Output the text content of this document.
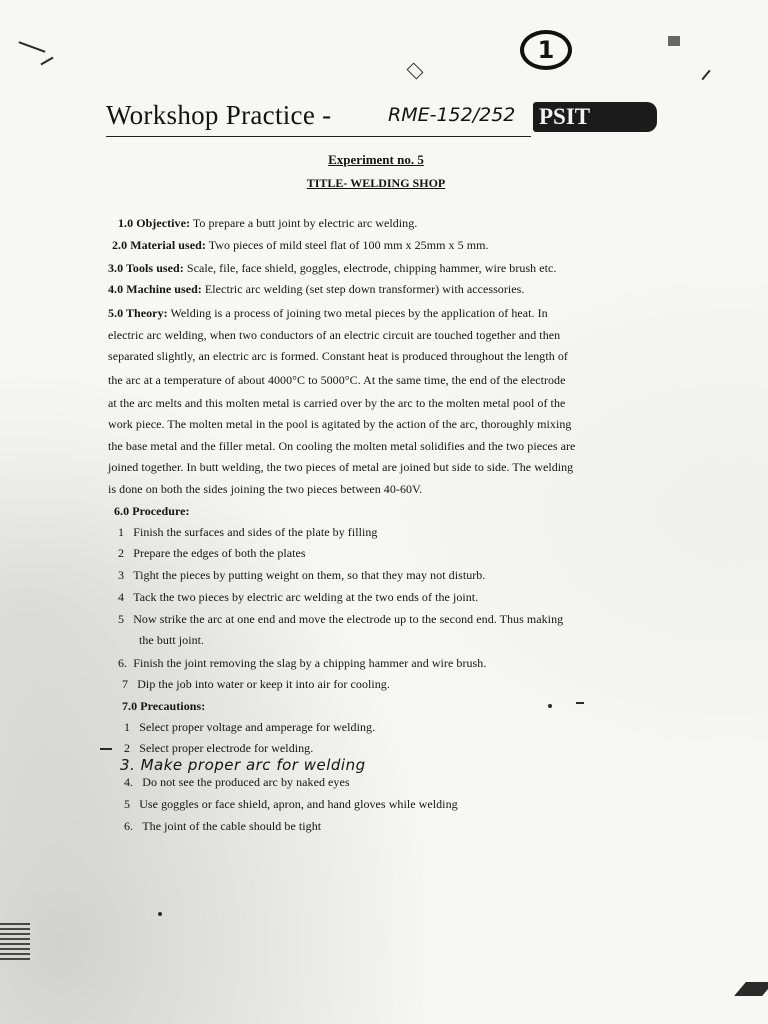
1
Workshop Practice -	RME-152/252 PSIT
Experiment no. 5
TITLE- WELDING SHOP
1.0 Objective: To prepare a butt joint by electric arc welding.
2.0 Material used: Two pieces of mild steel flat of 100 mm x 25mm x 5 mm.
3.0 Tools used: Scale, file, face shield, goggles, electrode, chipping hammer, wire brush etc.
4.0 Machine used: Electric arc welding (set step down transformer) with accessories.
5.0 Theory: Welding is a process of joining two metal pieces by the application of heat. In
electric arc welding, when two conductors of an electric circuit are touched together and then
separated slightly, an electric arc is formed. Constant heat is produced throughout the length of
the arc at a temperature of about 4000°C to 5000°C. At the same time, the end of the electrode
at the arc melts and this molten metal is carried over by the arc to the molten metal pool of the
work piece. The molten metal in the pool is agitated by the action of the arc, thoroughly mixing
the base metal and the filler metal. On cooling the molten metal solidifies and the two pieces are
joined together. In butt welding, the two pieces of metal are joined but side to side. The welding
is done on both the sides joining the two pieces between 40-60V.
6.0 Procedure:
1 Finish the surfaces and sides of the plate by filling
2 Prepare the edges of both the plates
3 Tight the pieces by putting weight on them, so that they may not disturb.
4 Tack the two pieces by electric arc welding at the two ends of the joint.
5 Now strike the arc at one end and move the electrode up to the second end. Thus making
the butt joint.
6. Finish the joint removing the slag by a chipping hammer and wire brush.
7 Dip the job into water or keep it into air for cooling.
7.0 Precautions:
1 Select proper voltage and amperage for welding.
2 Select proper electrode for welding.
3. Make proper arc for welding
4. Do not see the produced arc by naked eyes
5 Use goggles or face shield, apron, and hand gloves while welding
6. The joint of the cable should be tight
